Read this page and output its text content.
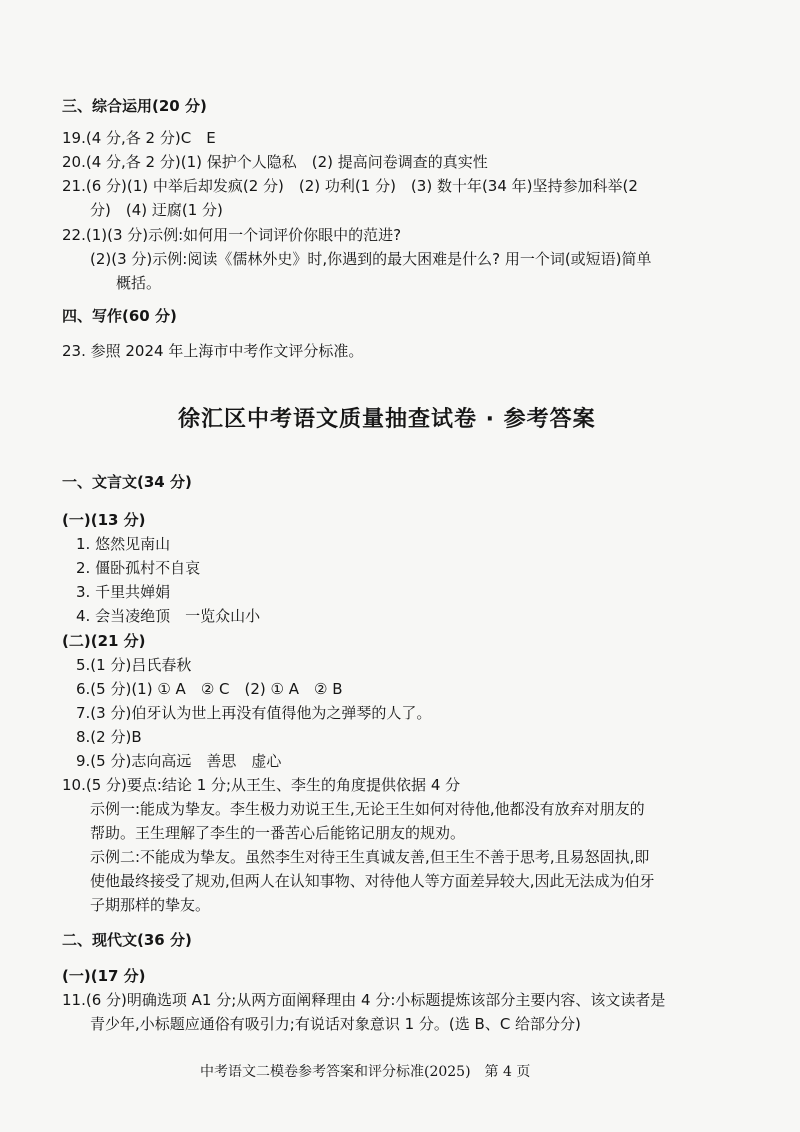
三、综合运用(20 分)
19.(4 分,各 2 分)C　E
20.(4 分,各 2 分)(1) 保护个人隐私　(2) 提高问卷调查的真实性
21.(6 分)(1) 中举后却发疯(2 分)　(2) 功利(1 分)　(3) 数十年(34 年)坚持参加科举(2
分)　(4) 迂腐(1 分)
22.(1)(3 分)示例:如何用一个词评价你眼中的范进?
(2)(3 分)示例:阅读《儒林外史》时,你遇到的最大困难是什么? 用一个词(或短语)简单
概括。
四、写作(60 分)
23. 参照 2024 年上海市中考作文评分标准。
徐汇区中考语文质量抽查试卷 · 参考答案
一、文言文(34 分)
(一)(13 分)
1. 悠然见南山
2. 僵卧孤村不自哀
3. 千里共婵娟
4. 会当凌绝顶　一览众山小
(二)(21 分)
5.(1 分)吕氏春秋
6.(5 分)(1) ① A　② C　(2) ① A　② B
7.(3 分)伯牙认为世上再没有值得他为之弹琴的人了。
8.(2 分)B
9.(5 分)志向高远　善思　虚心
10.(5 分)要点:结论 1 分;从王生、李生的角度提供依据 4 分
示例一:能成为挚友。李生极力劝说王生,无论王生如何对待他,他都没有放弃对朋友的
帮助。王生理解了李生的一番苦心后能铭记朋友的规劝。
示例二:不能成为挚友。虽然李生对待王生真诚友善,但王生不善于思考,且易怒固执,即
使他最终接受了规劝,但两人在认知事物、对待他人等方面差异较大,因此无法成为伯牙
子期那样的挚友。
二、现代文(36 分)
(一)(17 分)
11.(6 分)明确选项 A1 分;从两方面阐释理由 4 分:小标题提炼该部分主要内容、该文读者是
青少年,小标题应通俗有吸引力;有说话对象意识 1 分。(选 B、C 给部分分)
中考语文二模卷参考答案和评分标准(2025)　第 4 页
